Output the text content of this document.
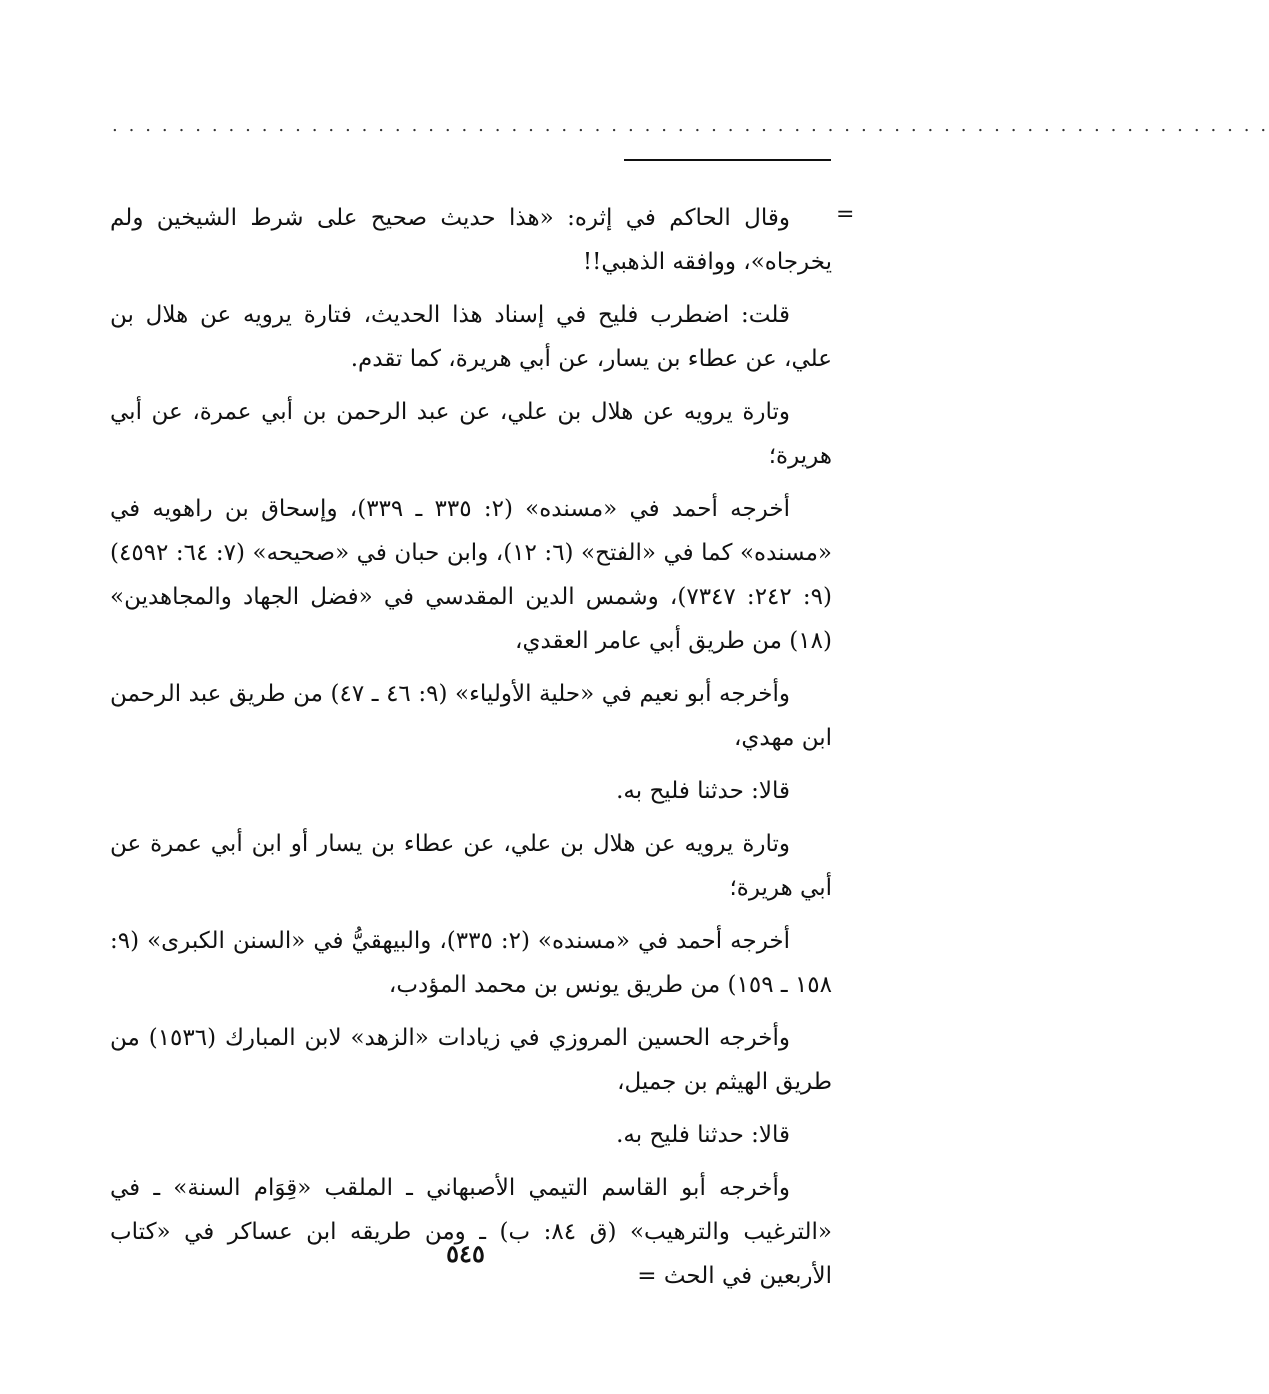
. . . . . . . . . . . . . . . . . . . . . . . . . . . . . . . . . . . . . . . . . . . . . . . . . . . . . . . . . . . . . . . . . . . . . .
=

وقال الحاكم في إثره: «هذا حديث صحيح على شرط الشيخين ولم يخرجاه»، ووافقه الذهبي!!

قلت: اضطرب فليح في إسناد هذا الحديث، فتارة يرويه عن هلال بن علي، عن عطاء بن يسار، عن أبي هريرة، كما تقدم.

وتارة يرويه عن هلال بن علي، عن عبد الرحمن بن أبي عمرة، عن أبي هريرة؛

أخرجه أحمد في «مسنده» (٢: ٣٣٥ ـ ٣٣٩)، وإسحاق بن راهويه في «مسنده» كما في «الفتح» (٦: ١٢)، وابن حبان في «صحيحه» (٧: ٦٤: ٤٥٩٢) (٩: ٢٤٢: ٧٣٤٧)، وشمس الدين المقدسي في «فضل الجهاد والمجاهدين» (١٨) من طريق أبي عامر العقدي،

وأخرجه أبو نعيم في «حلية الأولياء» (٩: ٤٦ ـ ٤٧) من طريق عبد الرحمن ابن مهدي،

قالا: حدثنا فليح به.

وتارة يرويه عن هلال بن علي، عن عطاء بن يسار أو ابن أبي عمرة عن أبي هريرة؛

أخرجه أحمد في «مسنده» (٢: ٣٣٥)، والبيهقيُّ في «السنن الكبرى» (٩: ١٥٨ ـ ١٥٩) من طريق يونس بن محمد المؤدب،

وأخرجه الحسين المروزي في زيادات «الزهد» لابن المبارك (١٥٣٦) من طريق الهيثم بن جميل،

قالا: حدثنا فليح به.

وأخرجه أبو القاسم التيمي الأصبهاني ـ الملقب «قِوَام السنة» ـ في «الترغيب والترهيب» (ق ٨٤: ب) ـ ومن طريقه ابن عساكر في «كتاب الأربعين في الحث =

٥٤٥
